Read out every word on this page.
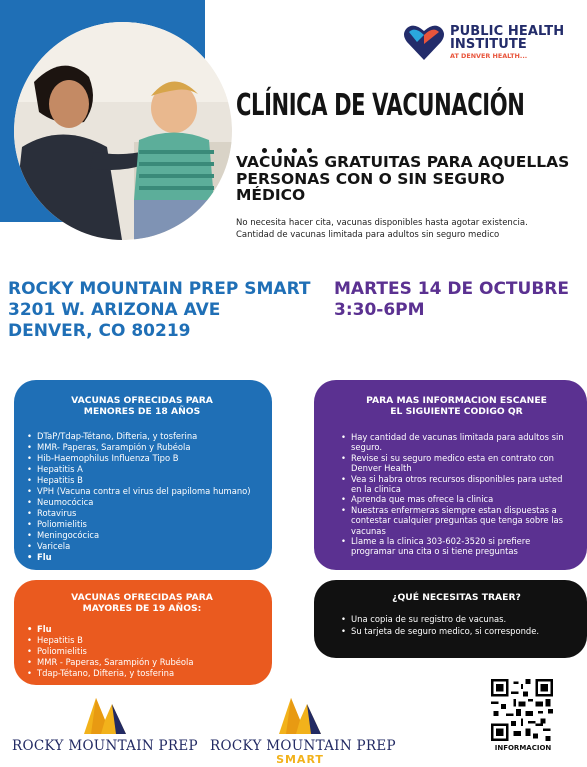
PUBLIC HEALTH
INSTITUTE
AT DENVER HEALTH...
CLÍNICA DE VACUNACIÓN
VACUNAS GRATUITAS PARA AQUELLAS PERSONAS CON O SIN SEGURO MÉDICO
No necesita hacer cita, vacunas disponibles hasta agotar existencia.
Cantidad de vacunas limitada para adultos sin seguro medico
ROCKY MOUNTAIN PREP SMART
3201 W. ARIZONA AVE
DENVER, CO 80219
MARTES 14 DE OCTUBRE
3:30-6PM
VACUNAS OFRECIDAS PARA
MENORES DE 18 AÑOS
• DTaP/Tdap-Tétano, Difteria, y tosferina
• MMR- Paperas, Sarampión y Rubéola
• Hib-Haemophilus Influenza Tipo B
• Hepatitis A
• Hepatitis B
• VPH (Vacuna contra el virus del papiloma humano)
• Neumocócica
• Rotavirus
• Poliomielitis
• Meningocócica
• Varicela
• Flu
PARA MAS INFORMACION ESCANEE
EL SIGUIENTE CODIGO QR
• Hay cantidad de vacunas limitada para adultos sin seguro.
• Revise si su seguro medico esta en contrato con Denver Health
• Vea si habra otros recursos disponibles para usted en la clinica
• Aprenda que mas ofrece la clinica
• Nuestras enfermeras siempre estan dispuestas a contestar cualquier preguntas que tenga sobre las vacunas
• Llame a la clinica 303-602-3520 si prefiere programar una cita o si tiene preguntas
VACUNAS OFRECIDAS PARA
MAYORES DE 19 AÑOS:
• Flu
• Hepatitis B
• Poliomielitis
• MMR - Paperas, Sarampión y Rubéola
• Tdap-Tétano, Difteria, y tosferina
¿QUÉ NECESITAS TRAER?
• Una copia de su registro de vacunas.
• Su tarjeta de seguro medico, si corresponde.
ROCKY MOUNTAIN PREP ROCKY MOUNTAIN PREP
SMART
INFORMACION
